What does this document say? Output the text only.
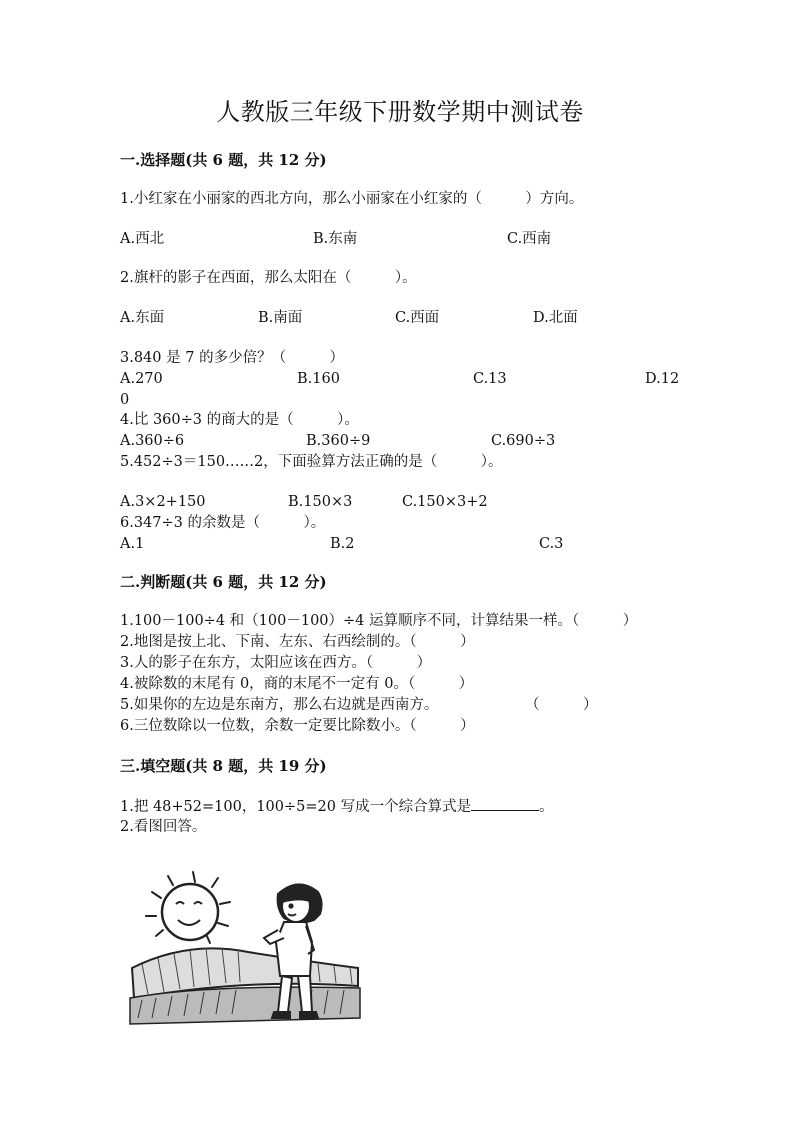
人教版三年级下册数学期中测试卷
一.选择题(共 6 题，共 12 分)
1.小红家在小丽家的西北方向，那么小丽家在小红家的（　　　）方向。
A.西北	B.东南	C.西南
2.旗杆的影子在西面，那么太阳在（　　　）。
A.东面	B.南面	C.西面	D.北面
3.840 是 7 的多少倍？（　　　）
A.270	B.160	C.13	D.12
0
4.比 360÷3 的商大的是（　　　）。
A.360÷6	B.360÷9	C.690÷3
5.452÷3＝150……2，下面验算方法正确的是（　　　）。
A.3×2+150	B.150×3	C.150×3+2
6.347÷3 的余数是（　　　）。
A.1	B.2	C.3
二.判断题(共 6 题，共 12 分)
1.100－100÷4 和（100－100）÷4 运算顺序不同，计算结果一样。（　　　）
2.地图是按上北、下南、左东、右西绘制的。（　　　）
3.人的影子在东方，太阳应该在西方。（　　　）
4.被除数的末尾有 0，商的末尾不一定有 0。（　　　）
5.如果你的左边是东南方，那么右边就是西南方。	（　　　）
6.三位数除以一位数，余数一定要比除数小。（　　　）
三.填空题(共 8 题，共 19 分)
1.把 48+52=100，100÷5=20 写成一个综合算式是	。
2.看图回答。
